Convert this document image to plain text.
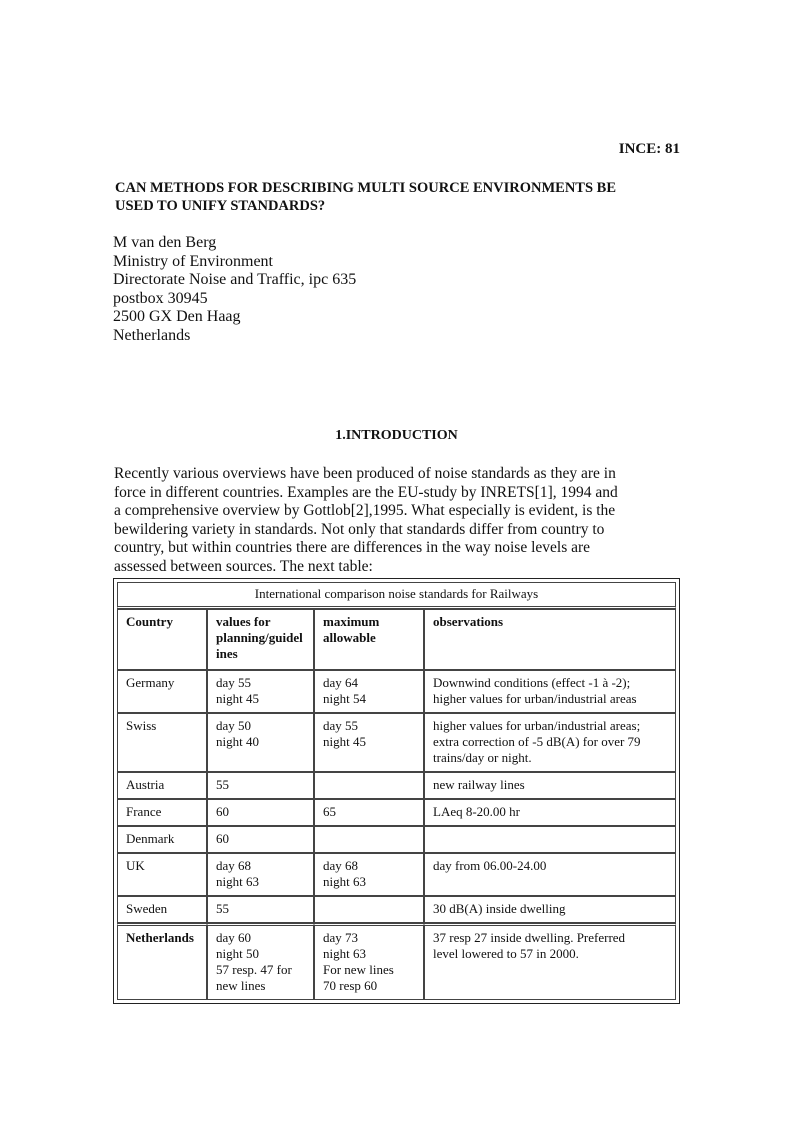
INCE: 81
CAN METHODS FOR DESCRIBING MULTI SOURCE ENVIRONMENTS BE
USED TO UNIFY STANDARDS?
M van den Berg
Ministry of Environment
Directorate Noise and Traffic, ipc 635
postbox 30945
2500 GX Den Haag
Netherlands
1.INTRODUCTION
Recently various overviews have been produced of noise standards as they are in
force in different countries. Examples are the EU-study by INRETS[1], 1994 and
a comprehensive overview by Gottlob[2],1995. What especially is evident, is the
bewildering variety in standards. Not only that standards differ from country to
country, but within countries there are differences in the way noise levels are
assessed between sources. The next table:
International comparison noise standards for Railways			
Country	values for
planning/guidel
ines	maximum
allowable	observations
Germany	day 55
night 45	day 64
night 54	Downwind conditions (effect -1 à -2);
higher values for urban/industrial areas

Swiss	day 50
night 40	day 55
night 45	higher values for urban/industrial areas;
extra correction of -5 dB(A) for over 79
trains/day or night.

Austria	55		new railway lines
France	60	65	LAeq 8-20.00 hr
Denmark	60		
UK	day 68
night 63	day 68
night 63	day from 06.00-24.00
Sweden	55		30 dB(A) inside dwelling
Netherlands	day 60
night 50
57 resp. 47 for
new lines	day 73
night 63
For new lines
70 resp 60	37 resp 27 inside dwelling. Preferred
level lowered to 57 in 2000.
